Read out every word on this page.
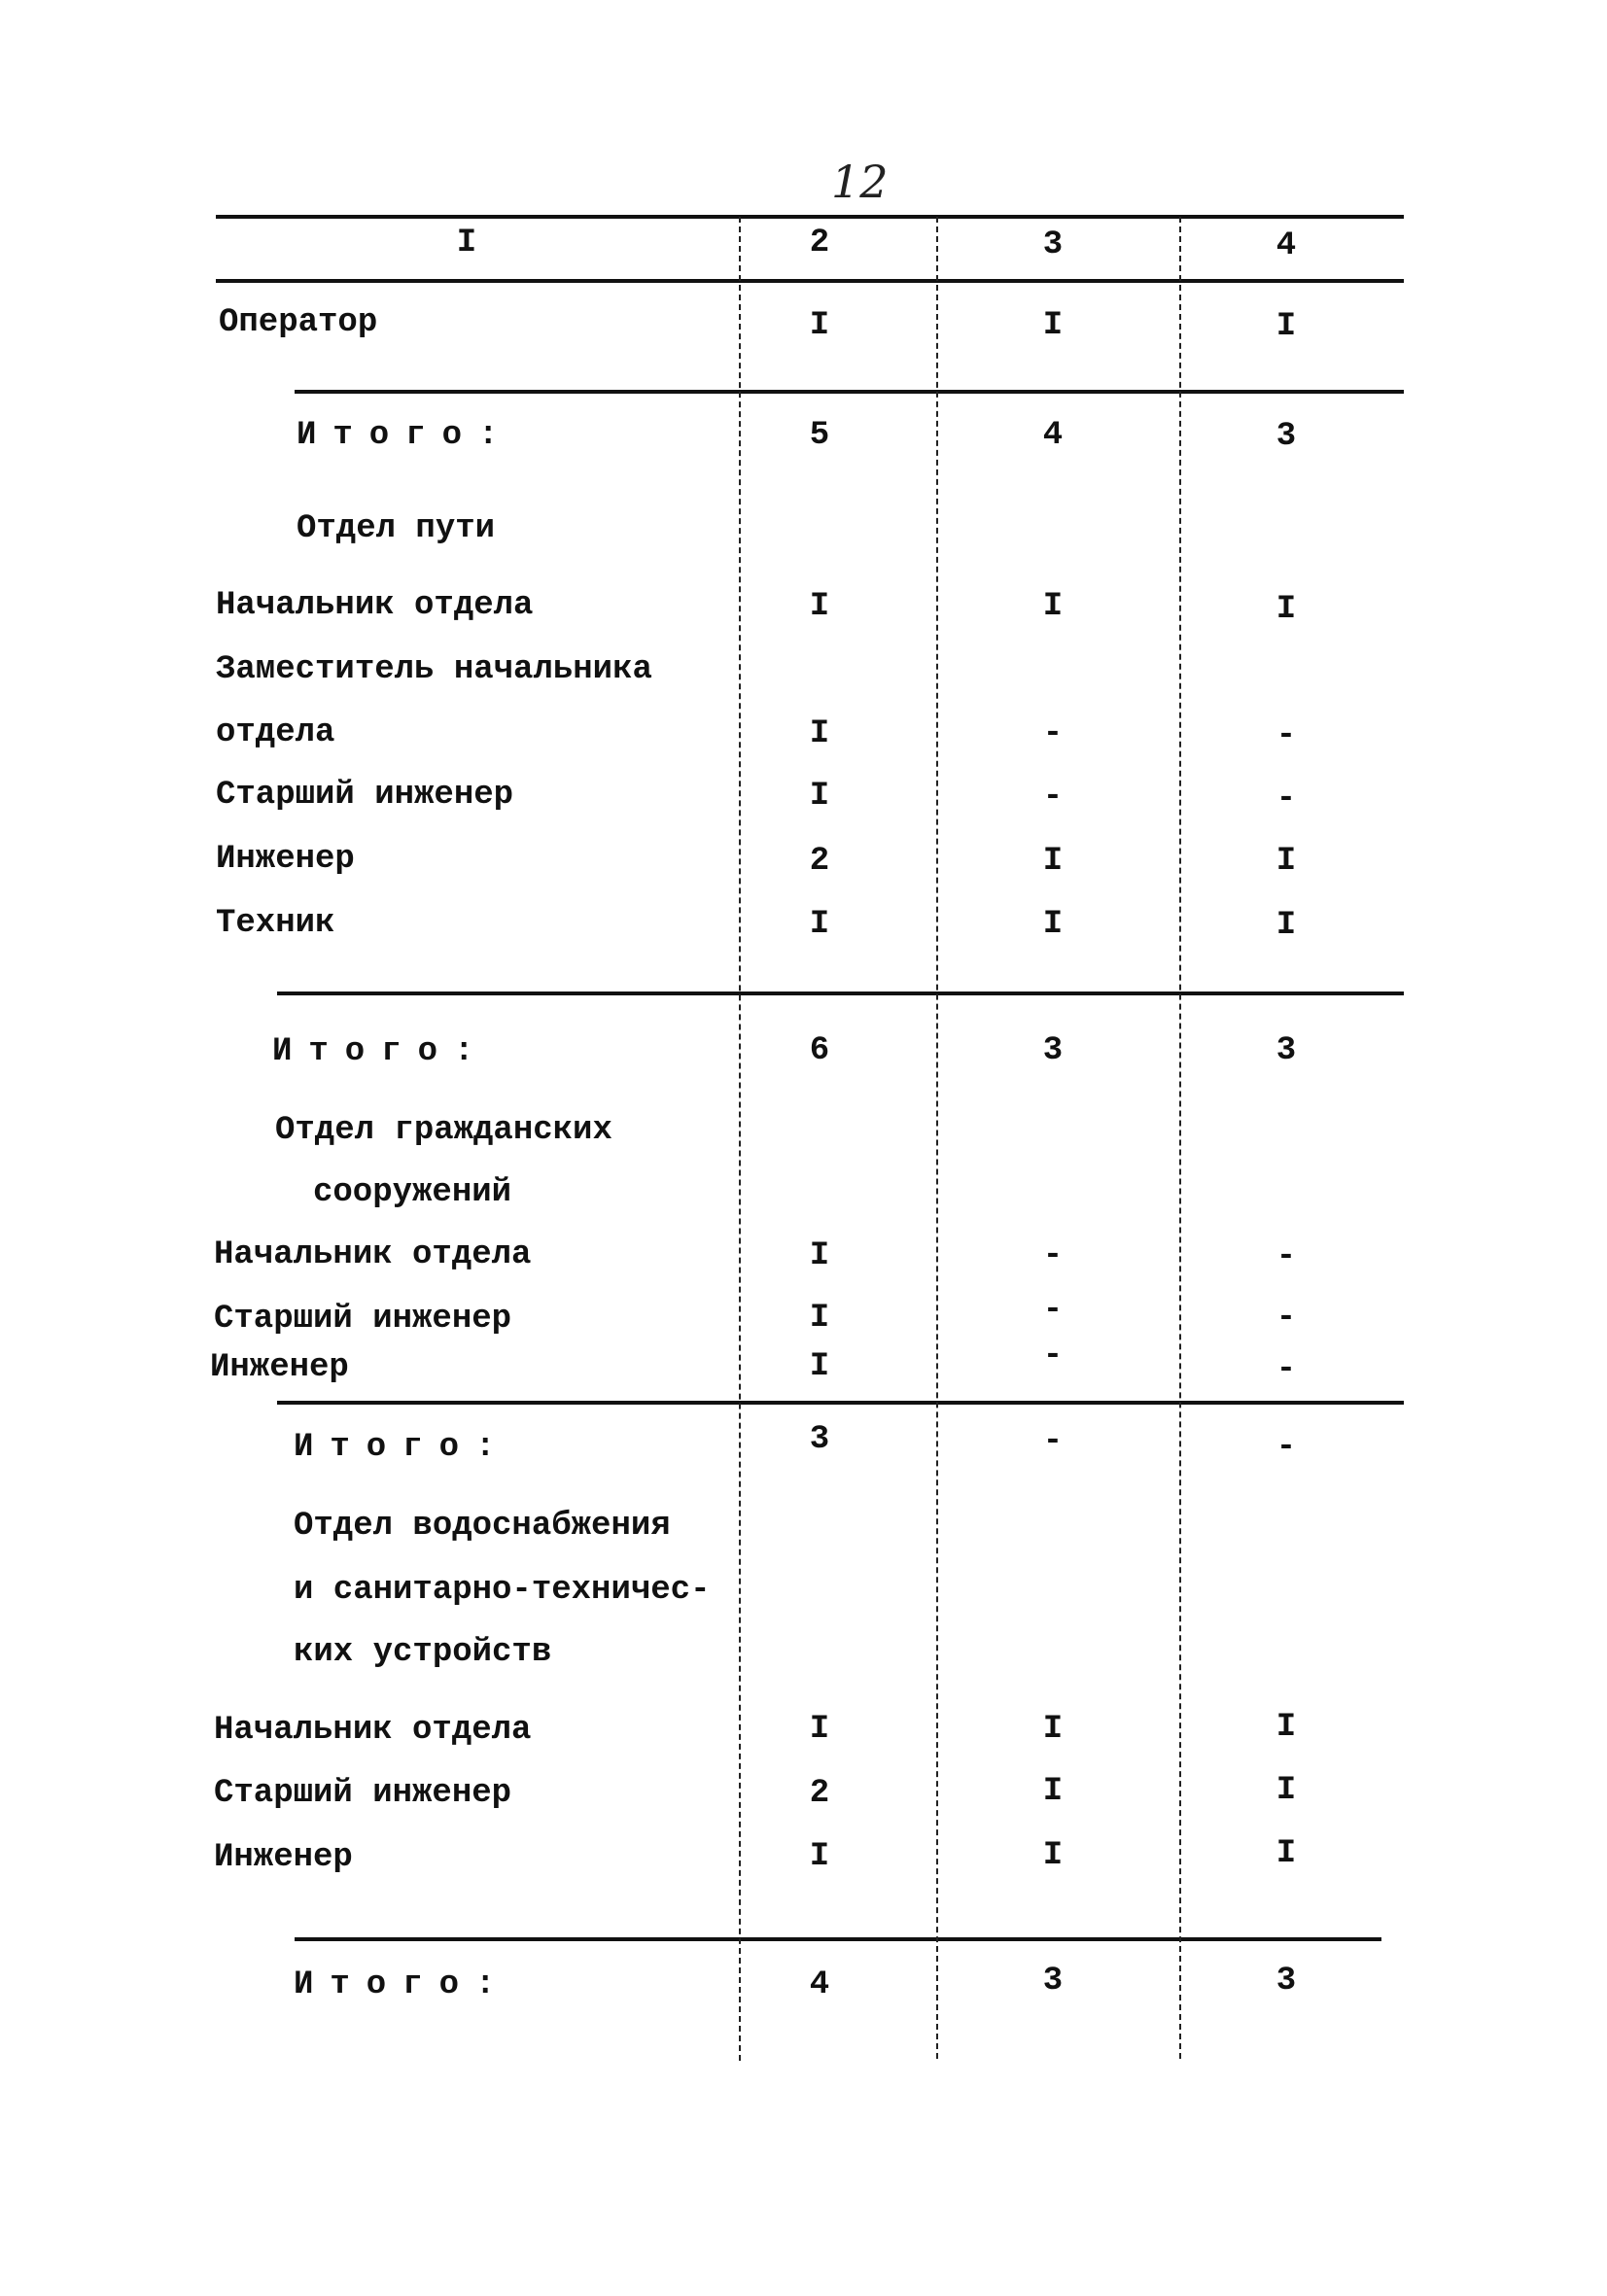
12
I	2	3	4
Оператор	I	I	I
Итого:	5	4	3
Отдел пути
Начальник отдела	I	I	I
Заместитель начальника
отдела	I	-	-
Старший инженер	I	-	-
Инженер	2	I	I
Техник	I	I	I
Итого:	6	3	3
Отдел гражданских
сооружений
Начальник отдела	I	-	-
Старший инженер	I	-	-
Инженер	I	-	-
Итого:	3	-	-
Отдел водоснабжения
и санитарно-техничес-
ких устройств
Начальник отдела	I	I	I
Старший инженер	2	I	I
Инженер	I	I	I
Итого:	4	3	3
